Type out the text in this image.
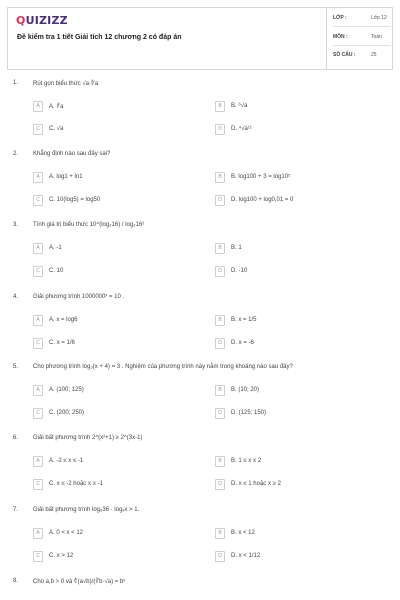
QUIZIZZ
Đề kiểm tra 1 tiết Giải tích 12 chương 2 có đáp án
LỚP :	Lớp 12
MÔN :	Toán
SỐ CÂU :	25
1. Rút gọn biểu thức √a·∜a
A	A. ∜a	B	B. ⁶√a
C	C. √a	D	D. ⁴√a¹¹
2. Khẳng định nào sau đây sai?
A	A. log1 + ln1	B	B. log100 + 3 = log10⁵
C	C. 10(log5) = log50	D	D. log100 + log0,01 = 0
3. Tính giá trị biểu thức 10^(log₂16) / log₂16²
A	A. -1	B	B. 1
C	C. 10	D	D. -10
4. Giải phương trình 1000000ˣ = 10 .
A	A. x = log6	B	B. x = 1/5
C	C. x = 1/6	D	D. x = -6
5. Cho phương trình log₃(x + 4) = 3 . Nghiệm của phương trình này nằm trong khoảng nào sau đây?
A	A. (100; 125)	B	B. (10; 20)
C	C. (200; 250)	D	D. (125; 150)
6. Giải bất phương trình 2^(x²+1) ≥ 2^(3x-1)
A	A. -2 ≤ x ≤ -1	B	B. 1 ≤ x ≤ 2
C	C. x ≤ -2 hoặc x ≥ -1	D	D. x ≤ 1 hoặc x ≥ 2
7. Giải bất phương trình log₆36 · logₓx > 1.
A	A. 0 < x < 12	B	B. x < 12
C	C. x > 12	D	D. x < 1/12
8. Cho a,b > 0 và ∜(a√b)/(∛b·√a) = bˣ
